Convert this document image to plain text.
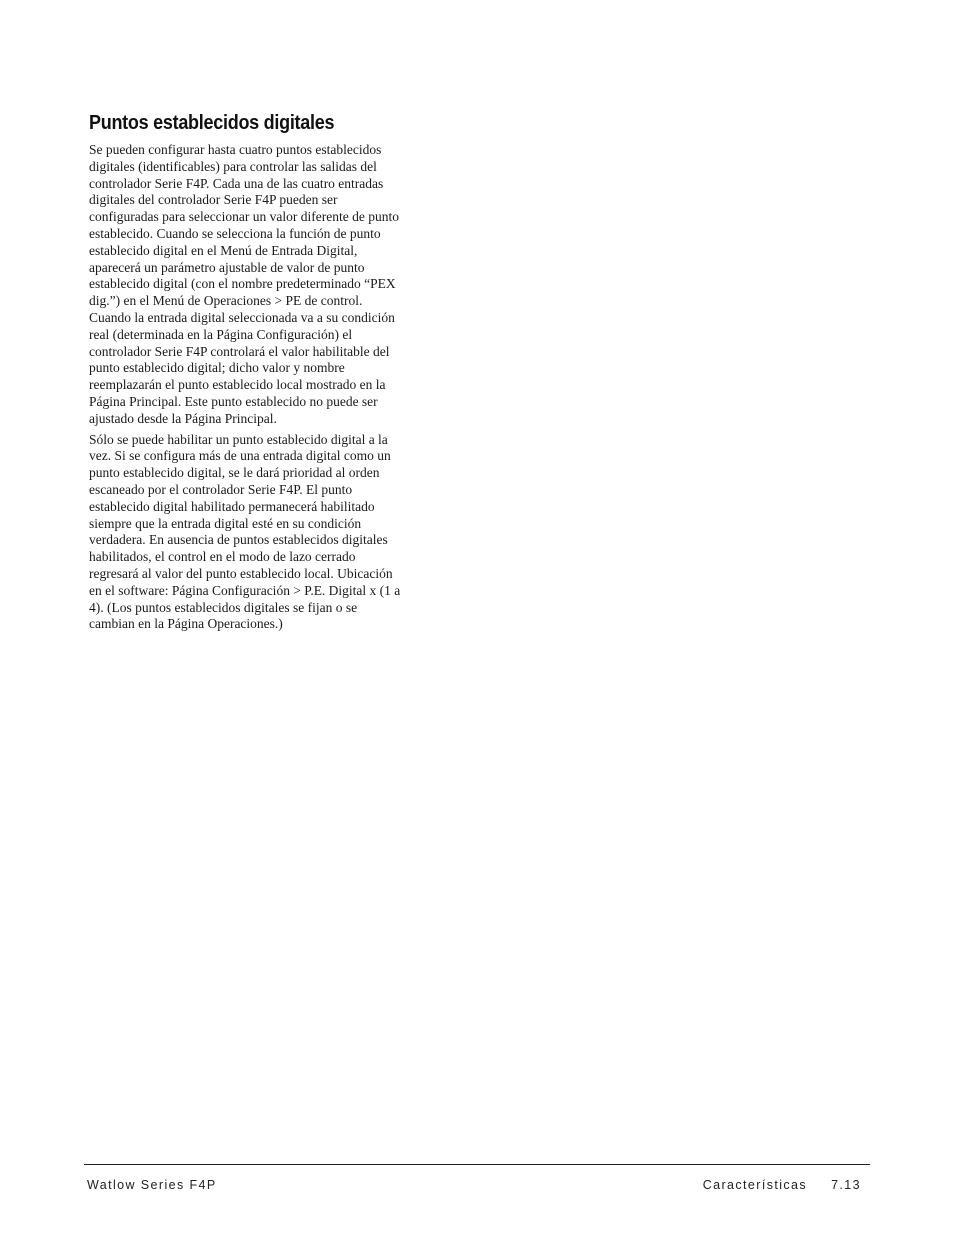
Puntos establecidos digitales

Se pueden configurar hasta cuatro puntos establecidos
digitales (identificables) para controlar las salidas del
controlador Serie F4P. Cada una de las cuatro entradas
digitales del controlador Serie F4P pueden ser
configuradas para seleccionar un valor diferente de punto
establecido. Cuando se selecciona la función de punto
establecido digital en el Menú de Entrada Digital,
aparecerá un parámetro ajustable de valor de punto
establecido digital (con el nombre predeterminado “PEX
dig.”) en el Menú de Operaciones > PE de control.
Cuando la entrada digital seleccionada va a su condición
real (determinada en la Página Configuración) el
controlador Serie F4P controlará el valor habilitable del
punto establecido digital; dicho valor y nombre
reemplazarán el punto establecido local mostrado en la
Página Principal. Este punto establecido no puede ser
ajustado desde la Página Principal.

Sólo se puede habilitar un punto establecido digital a la
vez. Si se configura más de una entrada digital como un
punto establecido digital, se le dará prioridad al orden
escaneado por el controlador Serie F4P. El punto
establecido digital habilitado permanecerá habilitado
siempre que la entrada digital esté en su condición
verdadera. En ausencia de puntos establecidos digitales
habilitados, el control en el modo de lazo cerrado
regresará al valor del punto establecido local. Ubicación
en el software: Página Configuración > P.E. Digital x (1 a
4). (Los puntos establecidos digitales se fijan o se
cambian en la Página Operaciones.)

Watlow Series F4P	Características 7.13
